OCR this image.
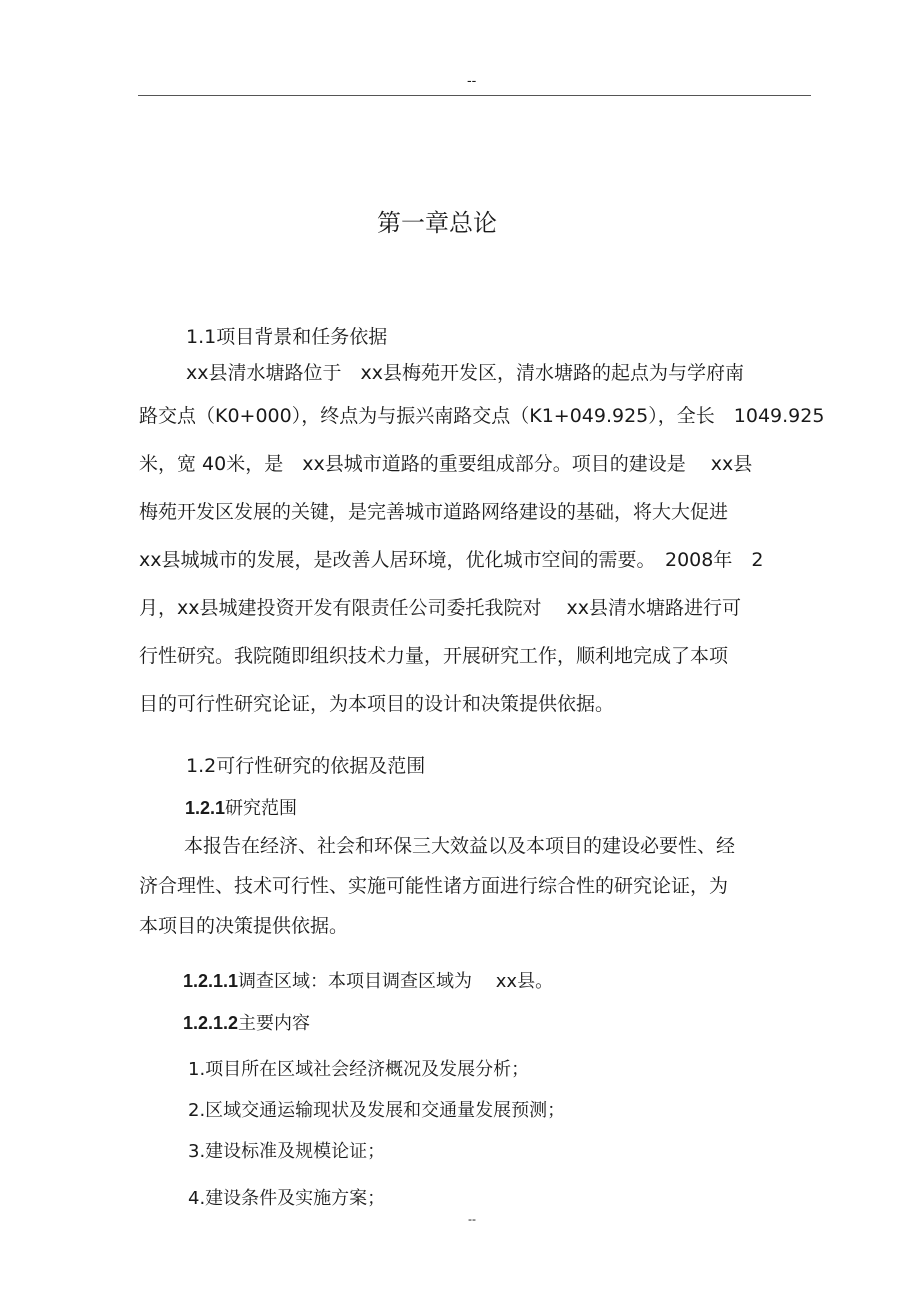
--
第一章总论
1.1项目背景和任务依据
xx县清水塘路位于　xx县梅苑开发区，清水塘路的起点为与学府南
路交点（K0+000），终点为与振兴南路交点（K1+049.925），全长　1049.925
米，宽 40米，是　xx县城市道路的重要组成部分。项目的建设是　 xx县
梅苑开发区发展的关键，是完善城市道路网络建设的基础，将大大促进
xx县城城市的发展，是改善人居环境，优化城市空间的需要。　2008年　2
月，xx县城建投资开发有限责任公司委托我院对　 xx县清水塘路进行可
行性研究。我院随即组织技术力量，开展研究工作，顺利地完成了本项
目的可行性研究论证，为本项目的设计和决策提供依据。
1.2可行性研究的依据及范围
1.2.1研究范围
本报告在经济、社会和环保三大效益以及本项目的建设必要性、经
济合理性、技术可行性、实施可能性诸方面进行综合性的研究论证，为
本项目的决策提供依据。
1.2.1.1调查区域：本项目调查区域为　 xx县。
1.2.1.2主要内容
1.项目所在区域社会经济概况及发展分析；
2.区域交通运输现状及发展和交通量发展预测；
3.建设标准及规模论证；
4.建设条件及实施方案；
--
